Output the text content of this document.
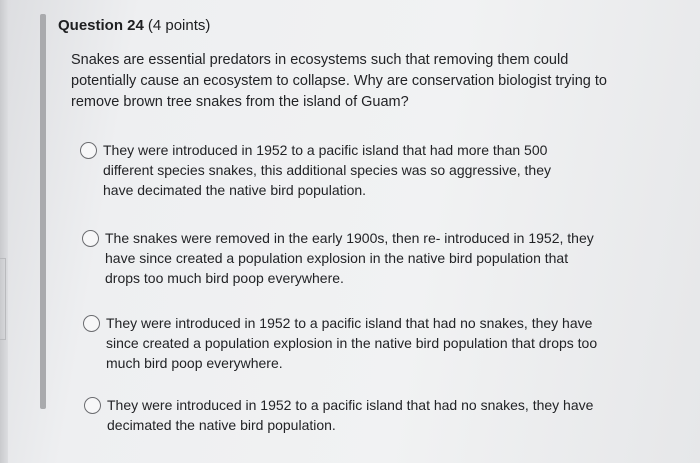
Question 24 (4 points)
Snakes are essential predators in ecosystems such that removing them could potentially cause an ecosystem to collapse. Why are conservation biologist trying to remove brown tree snakes from the island of Guam?
They were introduced in 1952 to a pacific island that had more than 500 different species snakes, this additional species was so aggressive, they have decimated the native bird population.
The snakes were removed in the early 1900s, then re- introduced in 1952, they have since created a population explosion in the native bird population that drops too much bird poop everywhere.
They were introduced in 1952 to a pacific island that had no snakes, they have since created a population explosion in the native bird population that drops too much bird poop everywhere.
They were introduced in 1952 to a pacific island that had no snakes, they have decimated the native bird population.
